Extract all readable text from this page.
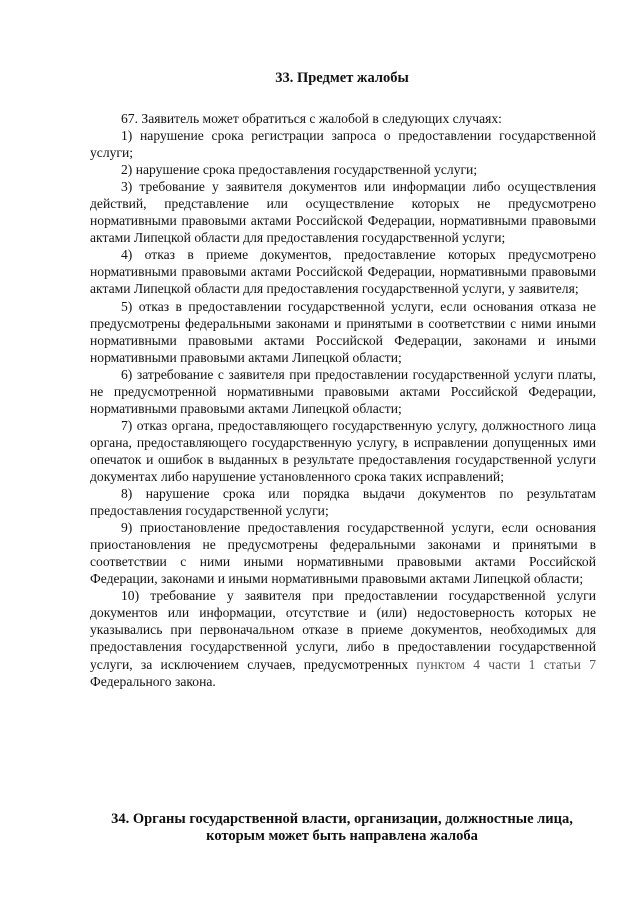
33. Предмет жалобы

67. Заявитель может обратиться с жалобой в следующих случаях:

1) нарушение срока регистрации запроса о предоставлении государственной услуги;

2) нарушение срока предоставления государственной услуги;

3) требование у заявителя документов или информации либо осуществления действий, представление или осуществление которых не предусмотрено нормативными правовыми актами Российской Федерации, нормативными правовыми актами Липецкой области для предоставления государственной услуги;

4) отказ в приеме документов, предоставление которых предусмотрено нормативными правовыми актами Российской Федерации, нормативными правовыми актами Липецкой области для предоставления государственной услуги, у заявителя;

5) отказ в предоставлении государственной услуги, если основания отказа не предусмотрены федеральными законами и принятыми в соответствии с ними иными нормативными правовыми актами Российской Федерации, законами и иными нормативными правовыми актами Липецкой области;

6) затребование с заявителя при предоставлении государственной услуги платы, не предусмотренной нормативными правовыми актами Российской Федерации, нормативными правовыми актами Липецкой области;

7) отказ органа, предоставляющего государственную услугу, должностного лица органа, предоставляющего государственную услугу, в исправлении допущенных ими опечаток и ошибок в выданных в результате предоставления государственной услуги документах либо нарушение установленного срока таких исправлений;

8) нарушение срока или порядка выдачи документов по результатам предоставления государственной услуги;

9) приостановление предоставления государственной услуги, если основания приостановления не предусмотрены федеральными законами и принятыми в соответствии с ними иными нормативными правовыми актами Российской Федерации, законами и иными нормативными правовыми актами Липецкой области;

10) требование у заявителя при предоставлении государственной услуги документов или информации, отсутствие и (или) недостоверность которых не указывались при первоначальном отказе в приеме документов, необходимых для предоставления государственной услуги, либо в предоставлении государственной услуги, за исключением случаев, предусмотренных пунктом 4 части 1 статьи 7 Федерального закона.

34. Органы государственной власти, организации, должностные лица,
которым может быть направлена жалоба
